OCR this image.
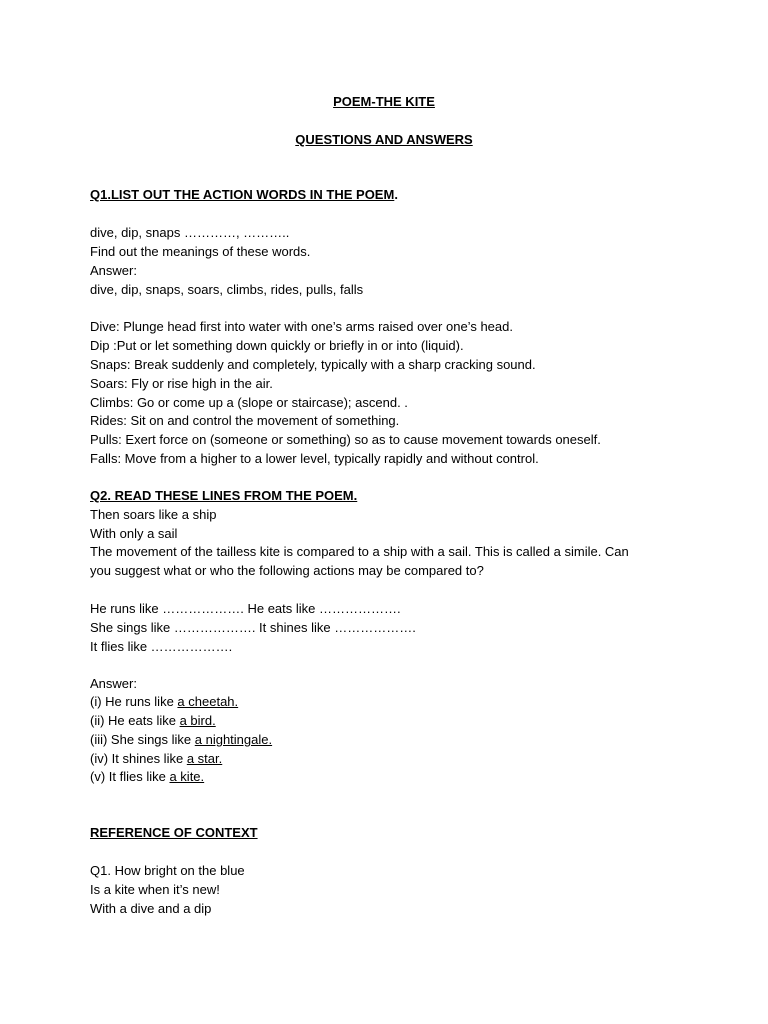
POEM-THE KITE
QUESTIONS AND ANSWERS
Q1.LIST OUT THE ACTION WORDS IN THE POEM.
dive, dip, snaps …………, ………..
Find out the meanings of these words.
Answer:
dive, dip, snaps, soars, climbs, rides, pulls, falls
Dive: Plunge head first into water with one’s arms raised over one’s head.
Dip :Put or let something down quickly or briefly in or into (liquid).
Snaps: Break suddenly and completely, typically with a sharp cracking sound.
Soars: Fly or rise high in the air.
Climbs: Go or come up a (slope or staircase); ascend. .
Rides: Sit on and control the movement of something.
Pulls: Exert force on (someone or something) so as to cause movement towards oneself.
Falls: Move from a higher to a lower level, typically rapidly and without control.
Q2. READ THESE LINES FROM THE POEM.
Then soars like a ship
With only a sail
The movement of the tailless kite is compared to a ship with a sail. This is called a simile. Can
you suggest what or who the following actions may be compared to?
He runs like ………………. He eats like ……………….
She sings like ………………. It shines like ……………….
It flies like ……………….
Answer:
(i) He runs like a cheetah.
(ii) He eats like a bird.
(iii) She sings like a nightingale.
(iv) It shines like a star.
(v) It flies like a kite.
REFERENCE OF CONTEXT
Q1. How bright on the blue
Is a kite when it’s new!
With a dive and a dip
